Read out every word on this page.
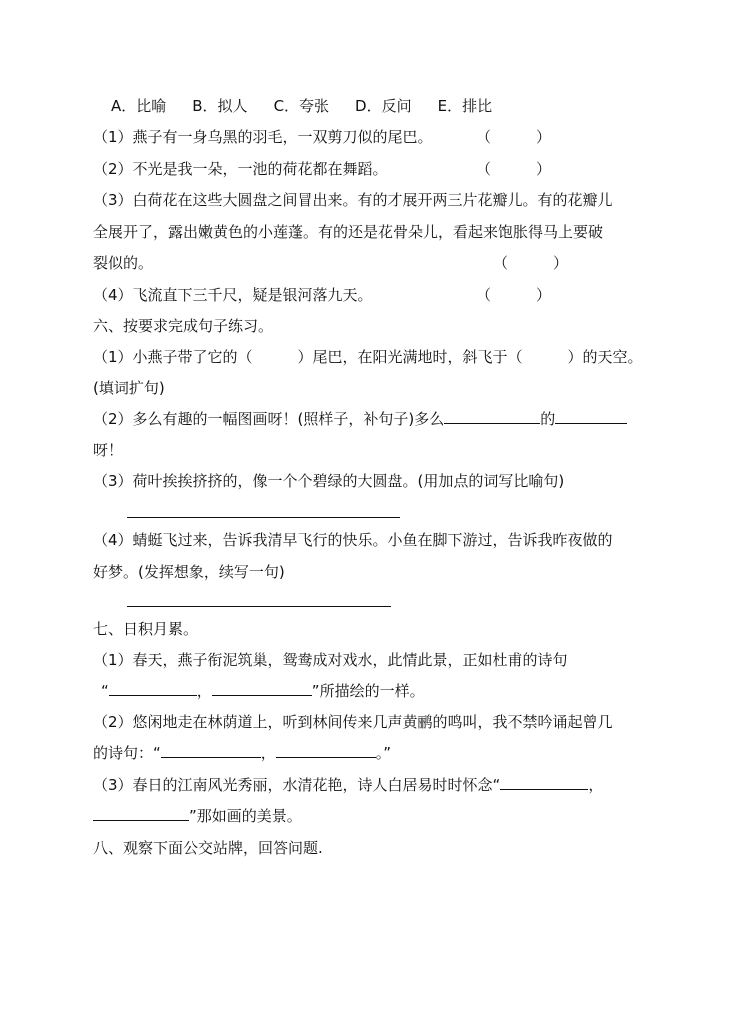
A．比喻 B．拟人 C．夸张 D．反问 E．排比
（1）燕子有一身乌黑的羽毛，一双剪刀似的尾巴。	（　　　）
（2）不光是我一朵，一池的荷花都在舞蹈。	（　　　）
（3）白荷花在这些大圆盘之间冒出来。有的才展开两三片花瓣儿。有的花瓣儿
全展开了，露出嫩黄色的小莲蓬。有的还是花骨朵儿，看起来饱胀得马上要破
裂似的。	（　　　）
（4）飞流直下三千尺，疑是银河落九天。	（　　　）
六、按要求完成句子练习。
（1）小燕子带了它的（　　　）尾巴，在阳光满地时，斜飞于（　　　）的天空。
(填词扩句)
（2）多么有趣的一幅图画呀！(照样子，补句子)多么	的
呀！
（3）荷叶挨挨挤挤的，像一个个碧绿的大圆盘。(用加点的词写比喻句)
（4）蜻蜓飞过来，告诉我清早飞行的快乐。小鱼在脚下游过，告诉我昨夜做的
好梦。(发挥想象，续写一句)
七、日积月累。
（1）春天，燕子衔泥筑巢，鸳鸯成对戏水，此情此景，正如杜甫的诗句
“	，	”所描绘的一样。
（2）悠闲地走在林荫道上，听到林间传来几声黄鹂的鸣叫，我不禁吟诵起曾几
的诗句：“	，	。”
（3）春日的江南风光秀丽，水清花艳，诗人白居易时时怀念“	，
”那如画的美景。
八、观察下面公交站牌，回答问题.
